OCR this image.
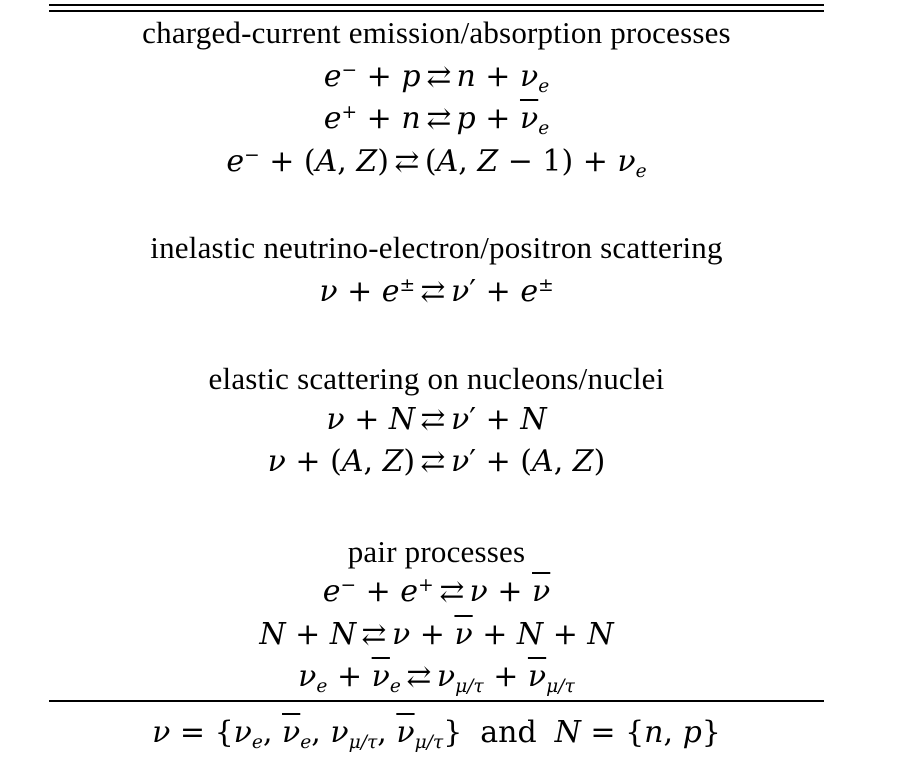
charged-current emission/absorption processes
e− + p ⇄ $n + \nu_e$
e+ + n ⇄ $p + \overline{\nu}_e$
e− + (A, Z) ⇄ (A, $Z - 1) + \nu_e$
inelastic neutrino-electron/positron scattering
ν + e± ⇄ ν′ + e±
elastic scattering on nucleons/nuclei
ν + N ⇄ ν′ + N
ν + (A, Z) ⇄ ν′ + (A, Z)
pair processes
e− + e+ ⇄ $\nu + \overline{\nu}$
N + N ⇄ $\nu + \overline{\nu} + N + N$
$\nu_e + \overline{\nu}_e$ ⇄ $\nu_{\mu/\tau} + \overline{\nu}_{\mu/\tau}$
$\nu = \{\nu_e$, $\overline{\nu}_e$, $\nu_{\mu/\tau}$, $\overline{\nu}_{\mu/\tau}$} and N = {n, p}
